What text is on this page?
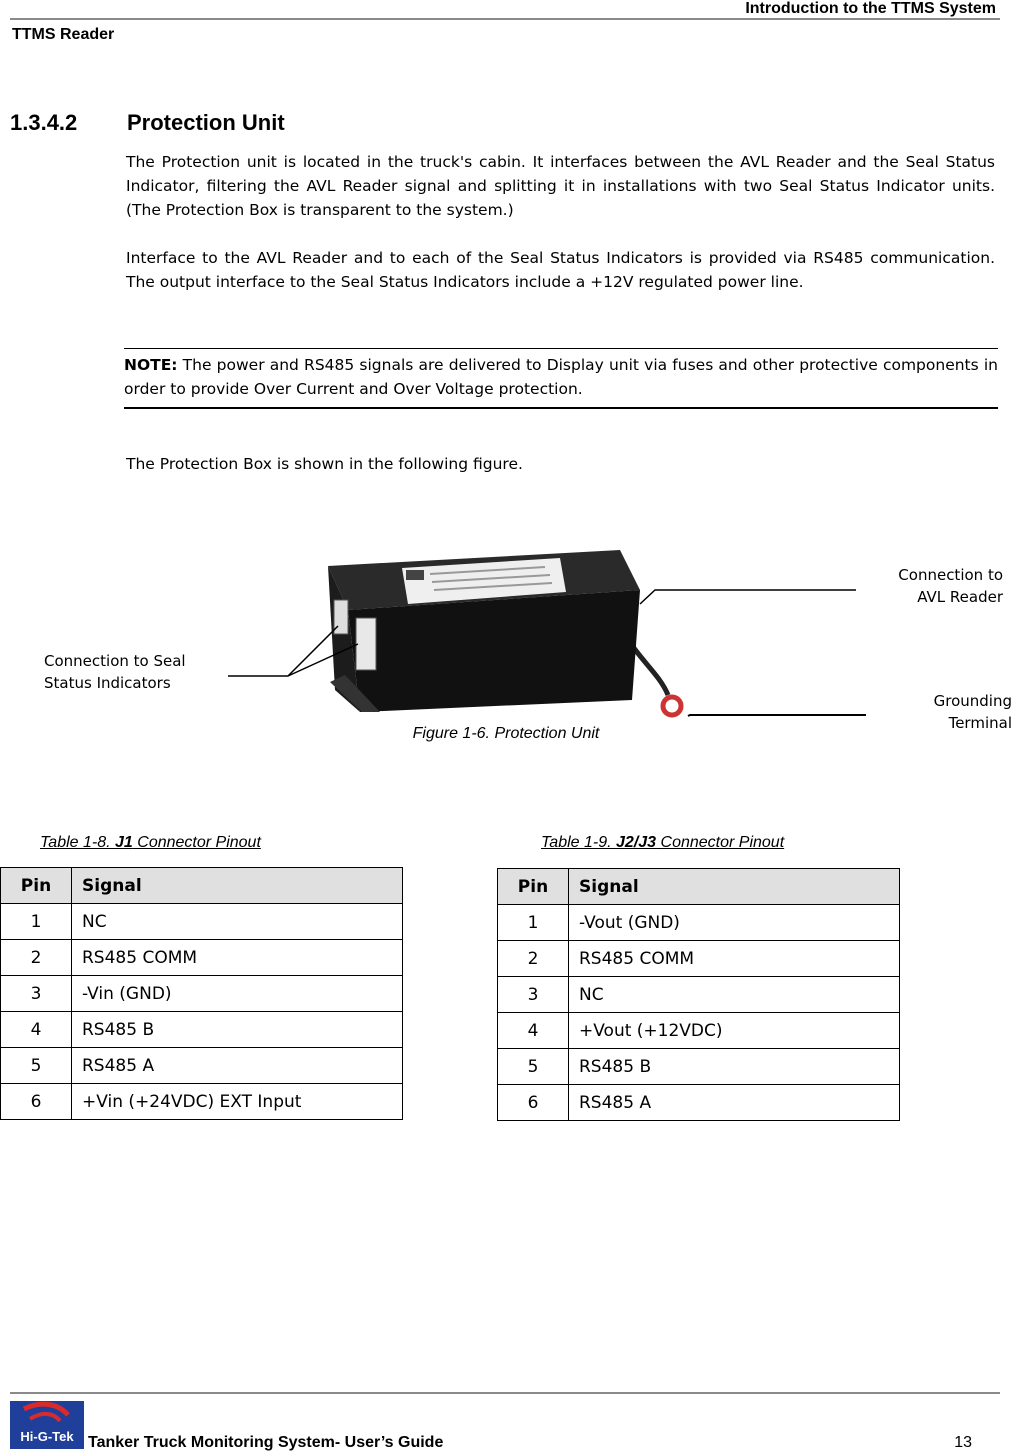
Introduction to the TTMS System
TTMS Reader
1.3.4.2 Protection Unit

The Protection unit is located in the truck's cabin. It interfaces between the AVL Reader and the Seal Status Indicator, filtering the AVL Reader signal and splitting it in installations with two Seal Status Indicator units. (The Protection Box is transparent to the system.)

Interface to the AVL Reader and to each of the Seal Status Indicators is provided via RS485 communication. The output interface to the Seal Status Indicators include a +12V regulated power line.

NOTE: The power and RS485 signals are delivered to Display unit via fuses and other protective components in order to provide Over Current and Over Voltage protection.

The Protection Box is shown in the following figure.

Connection to Seal
Status Indicators
Connection to
AVL Reader
Grounding
Terminal
Figure 1-6. Protection Unit
Table 1-8. J1 Connector Pinout	Table 1-9. J2/J3 Connector Pinout
Pin	Signal
1	NC
2	RS485 COMM
3	-Vin (GND)
4	RS485 B
5	RS485 A
6	+Vin (+24VDC) EXT Input
Pin	Signal
1	-Vout (GND)
2	RS485 COMM
3	NC
4	+Vout (+12VDC)
5	RS485 B
6	RS485 A
Hi-G-Tek Tanker Truck Monitoring System- User’s Guide	13
